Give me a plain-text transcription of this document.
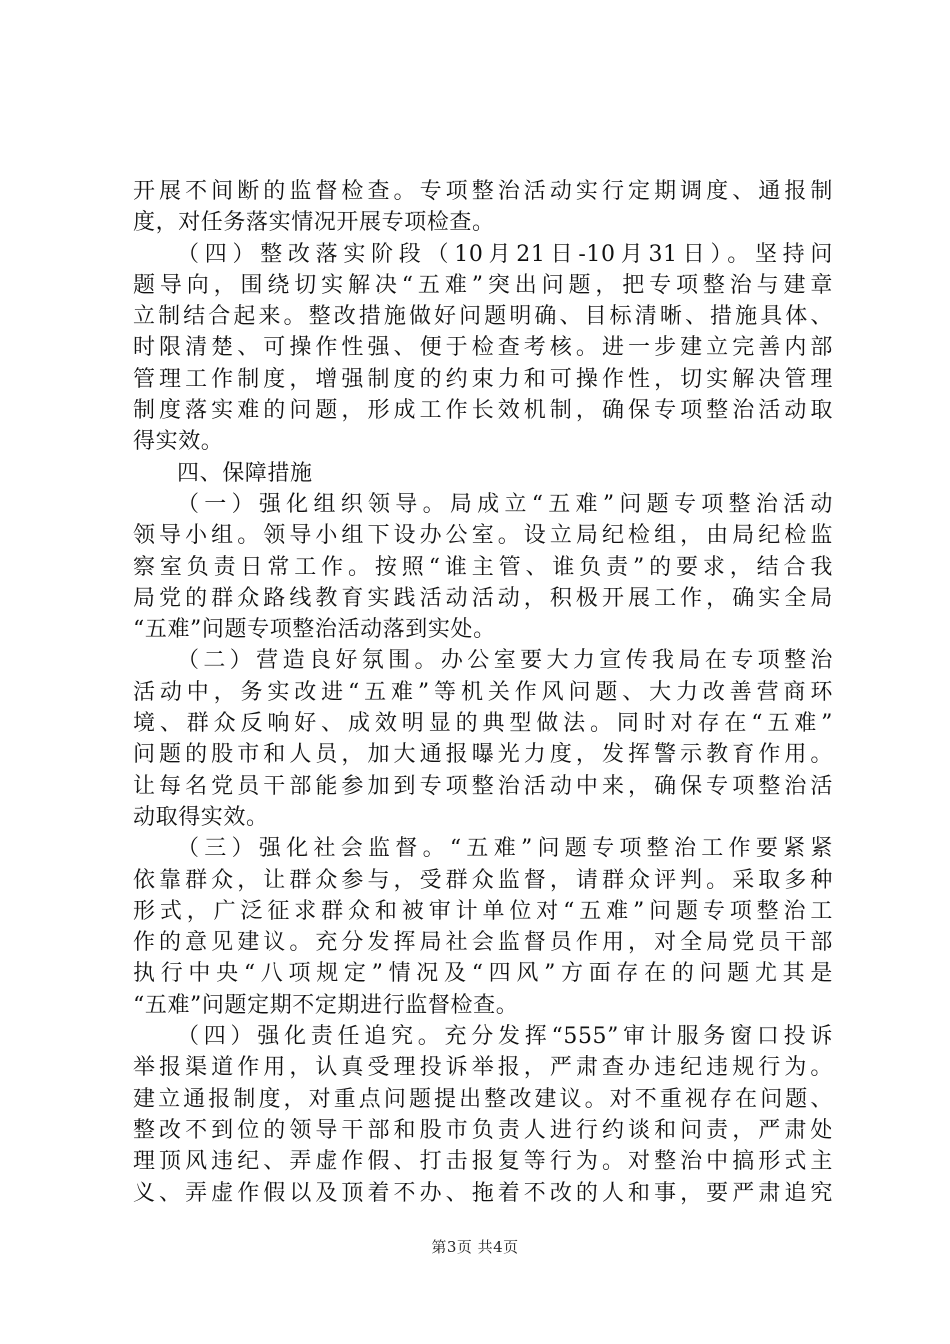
开展不间断的监督检查。专项整治活动实行定期调度、通报制
度，对任务落实情况开展专项检查。
（四）整改落实阶段（10月21日-10月31日）。坚持问
题导向，围绕切实解决“五难”突出问题，把专项整治与建章
立制结合起来。整改措施做好问题明确、目标清晰、措施具体、
时限清楚、可操作性强、便于检查考核。进一步建立完善内部
管理工作制度，增强制度的约束力和可操作性，切实解决管理
制度落实难的问题，形成工作长效机制，确保专项整治活动取
得实效。
四、保障措施
（一）强化组织领导。局成立“五难”问题专项整治活动
领导小组。领导小组下设办公室。设立局纪检组，由局纪检监
察室负责日常工作。按照“谁主管、谁负责”的要求，结合我
局党的群众路线教育实践活动活动，积极开展工作，确实全局
“五难”问题专项整治活动落到实处。
（二）营造良好氛围。办公室要大力宣传我局在专项整治
活动中，务实改进“五难”等机关作风问题、大力改善营商环
境、群众反响好、成效明显的典型做法。同时对存在“五难”
问题的股市和人员，加大通报曝光力度，发挥警示教育作用。
让每名党员干部能参加到专项整治活动中来，确保专项整治活
动取得实效。
（三）强化社会监督。“五难”问题专项整治工作要紧紧
依靠群众，让群众参与，受群众监督，请群众评判。采取多种
形式，广泛征求群众和被审计单位对“五难”问题专项整治工
作的意见建议。充分发挥局社会监督员作用，对全局党员干部
执行中央“八项规定”情况及“四风”方面存在的问题尤其是
“五难”问题定期不定期进行监督检查。
（四）强化责任追究。充分发挥“555”审计服务窗口投诉
举报渠道作用，认真受理投诉举报，严肃查办违纪违规行为。
建立通报制度，对重点问题提出整改建议。对不重视存在问题、
整改不到位的领导干部和股市负责人进行约谈和问责，严肃处
理顶风违纪、弄虚作假、打击报复等行为。对整治中搞形式主
义、弄虚作假以及顶着不办、拖着不改的人和事，要严肃追究
第3页 共4页
